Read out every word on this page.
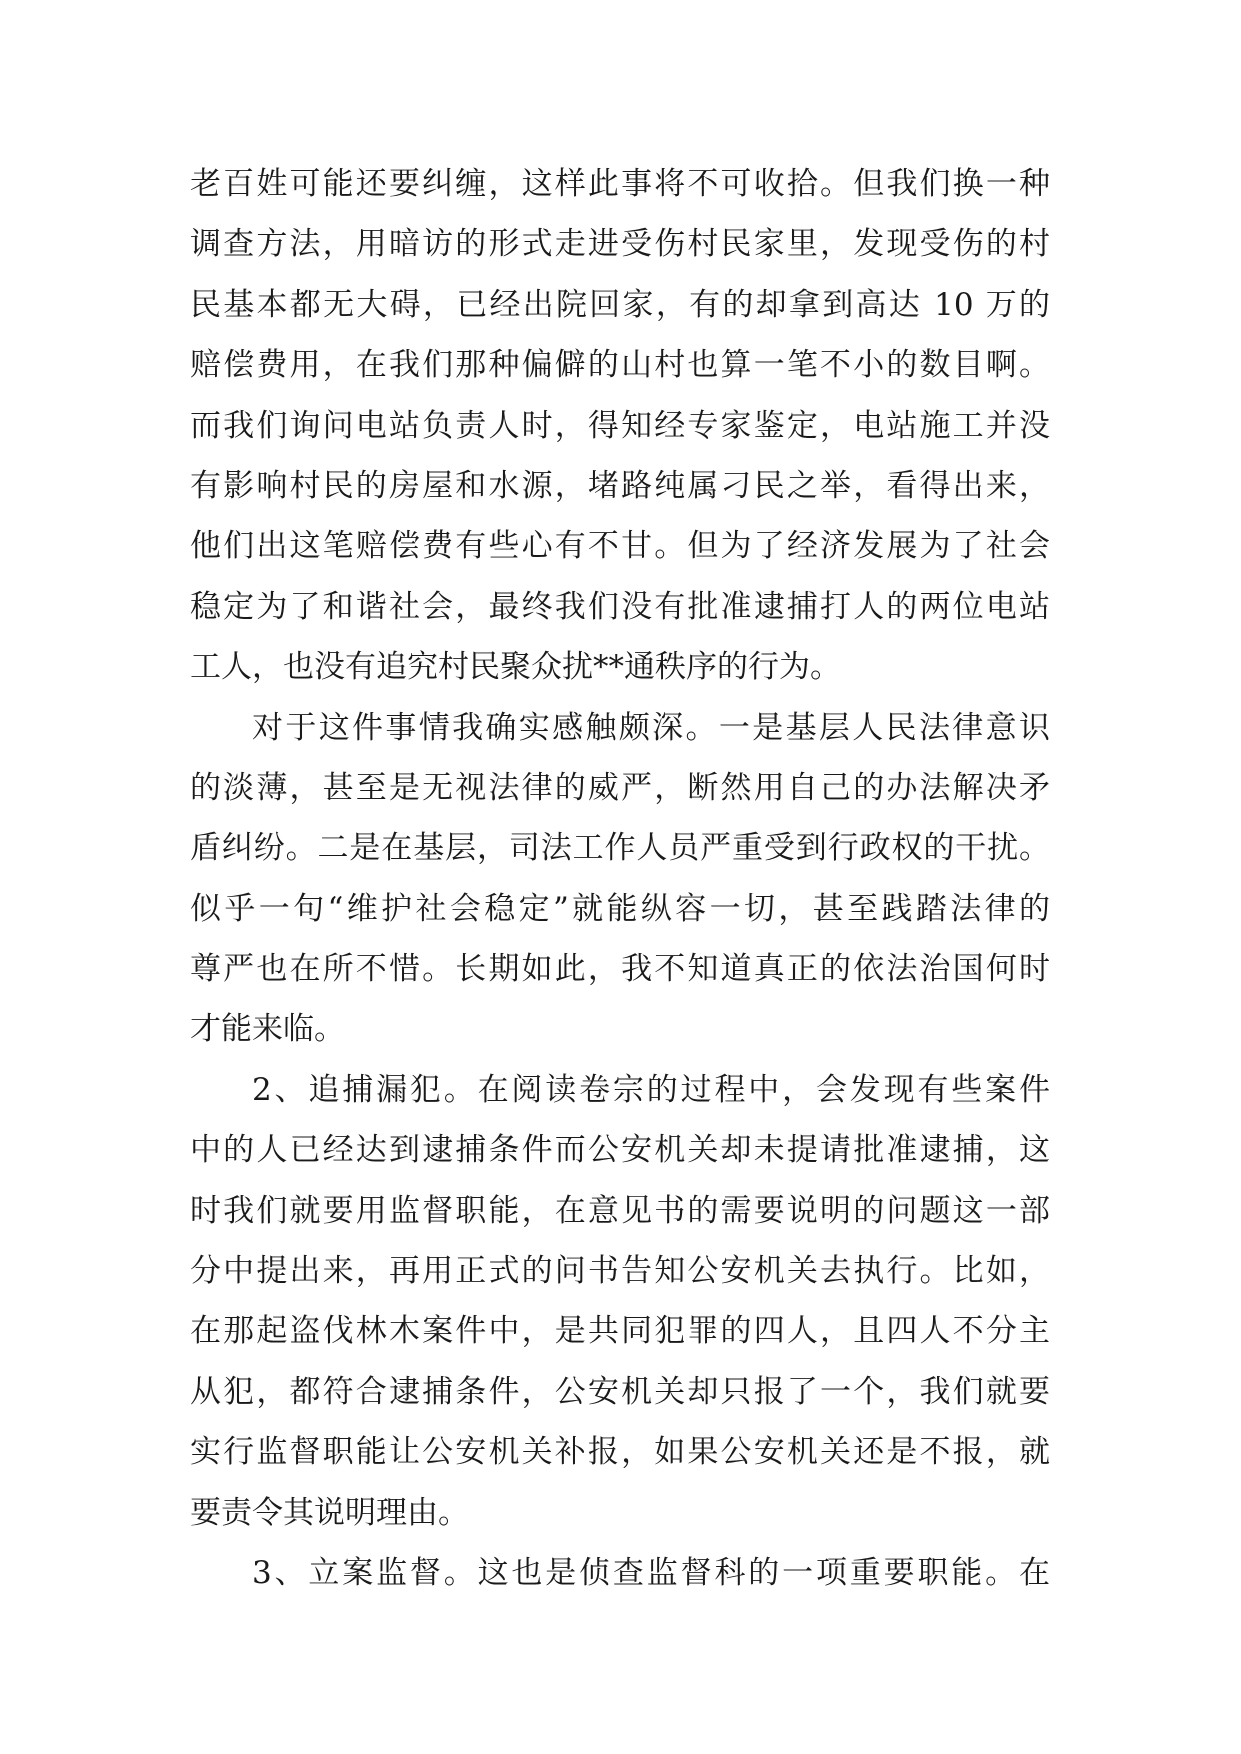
老百姓可能还要纠缠，这样此事将不可收拾。但我们换一种
调查方法，用暗访的形式走进受伤村民家里，发现受伤的村
民基本都无大碍，已经出院回家，有的却拿到高达 10 万的
赔偿费用，在我们那种偏僻的山村也算一笔不小的数目啊。
而我们询问电站负责人时，得知经专家鉴定，电站施工并没
有影响村民的房屋和水源，堵路纯属刁民之举，看得出来，
他们出这笔赔偿费有些心有不甘。但为了经济发展为了社会
稳定为了和谐社会，最终我们没有批准逮捕打人的两位电站
工人，也没有追究村民聚众扰**通秩序的行为。
对于这件事情我确实感触颇深。一是基层人民法律意识
的淡薄，甚至是无视法律的威严，断然用自己的办法解决矛
盾纠纷。二是在基层，司法工作人员严重受到行政权的干扰。
似乎一句“维护社会稳定”就能纵容一切，甚至践踏法律的
尊严也在所不惜。长期如此，我不知道真正的依法治国何时
才能来临。
2、追捕漏犯。在阅读卷宗的过程中，会发现有些案件
中的人已经达到逮捕条件而公安机关却未提请批准逮捕，这
时我们就要用监督职能，在意见书的需要说明的问题这一部
分中提出来，再用正式的问书告知公安机关去执行。比如，
在那起盗伐林木案件中，是共同犯罪的四人，且四人不分主
从犯，都符合逮捕条件，公安机关却只报了一个，我们就要
实行监督职能让公安机关补报，如果公安机关还是不报，就
要责令其说明理由。
3、立案监督。这也是侦查监督科的一项重要职能。在
